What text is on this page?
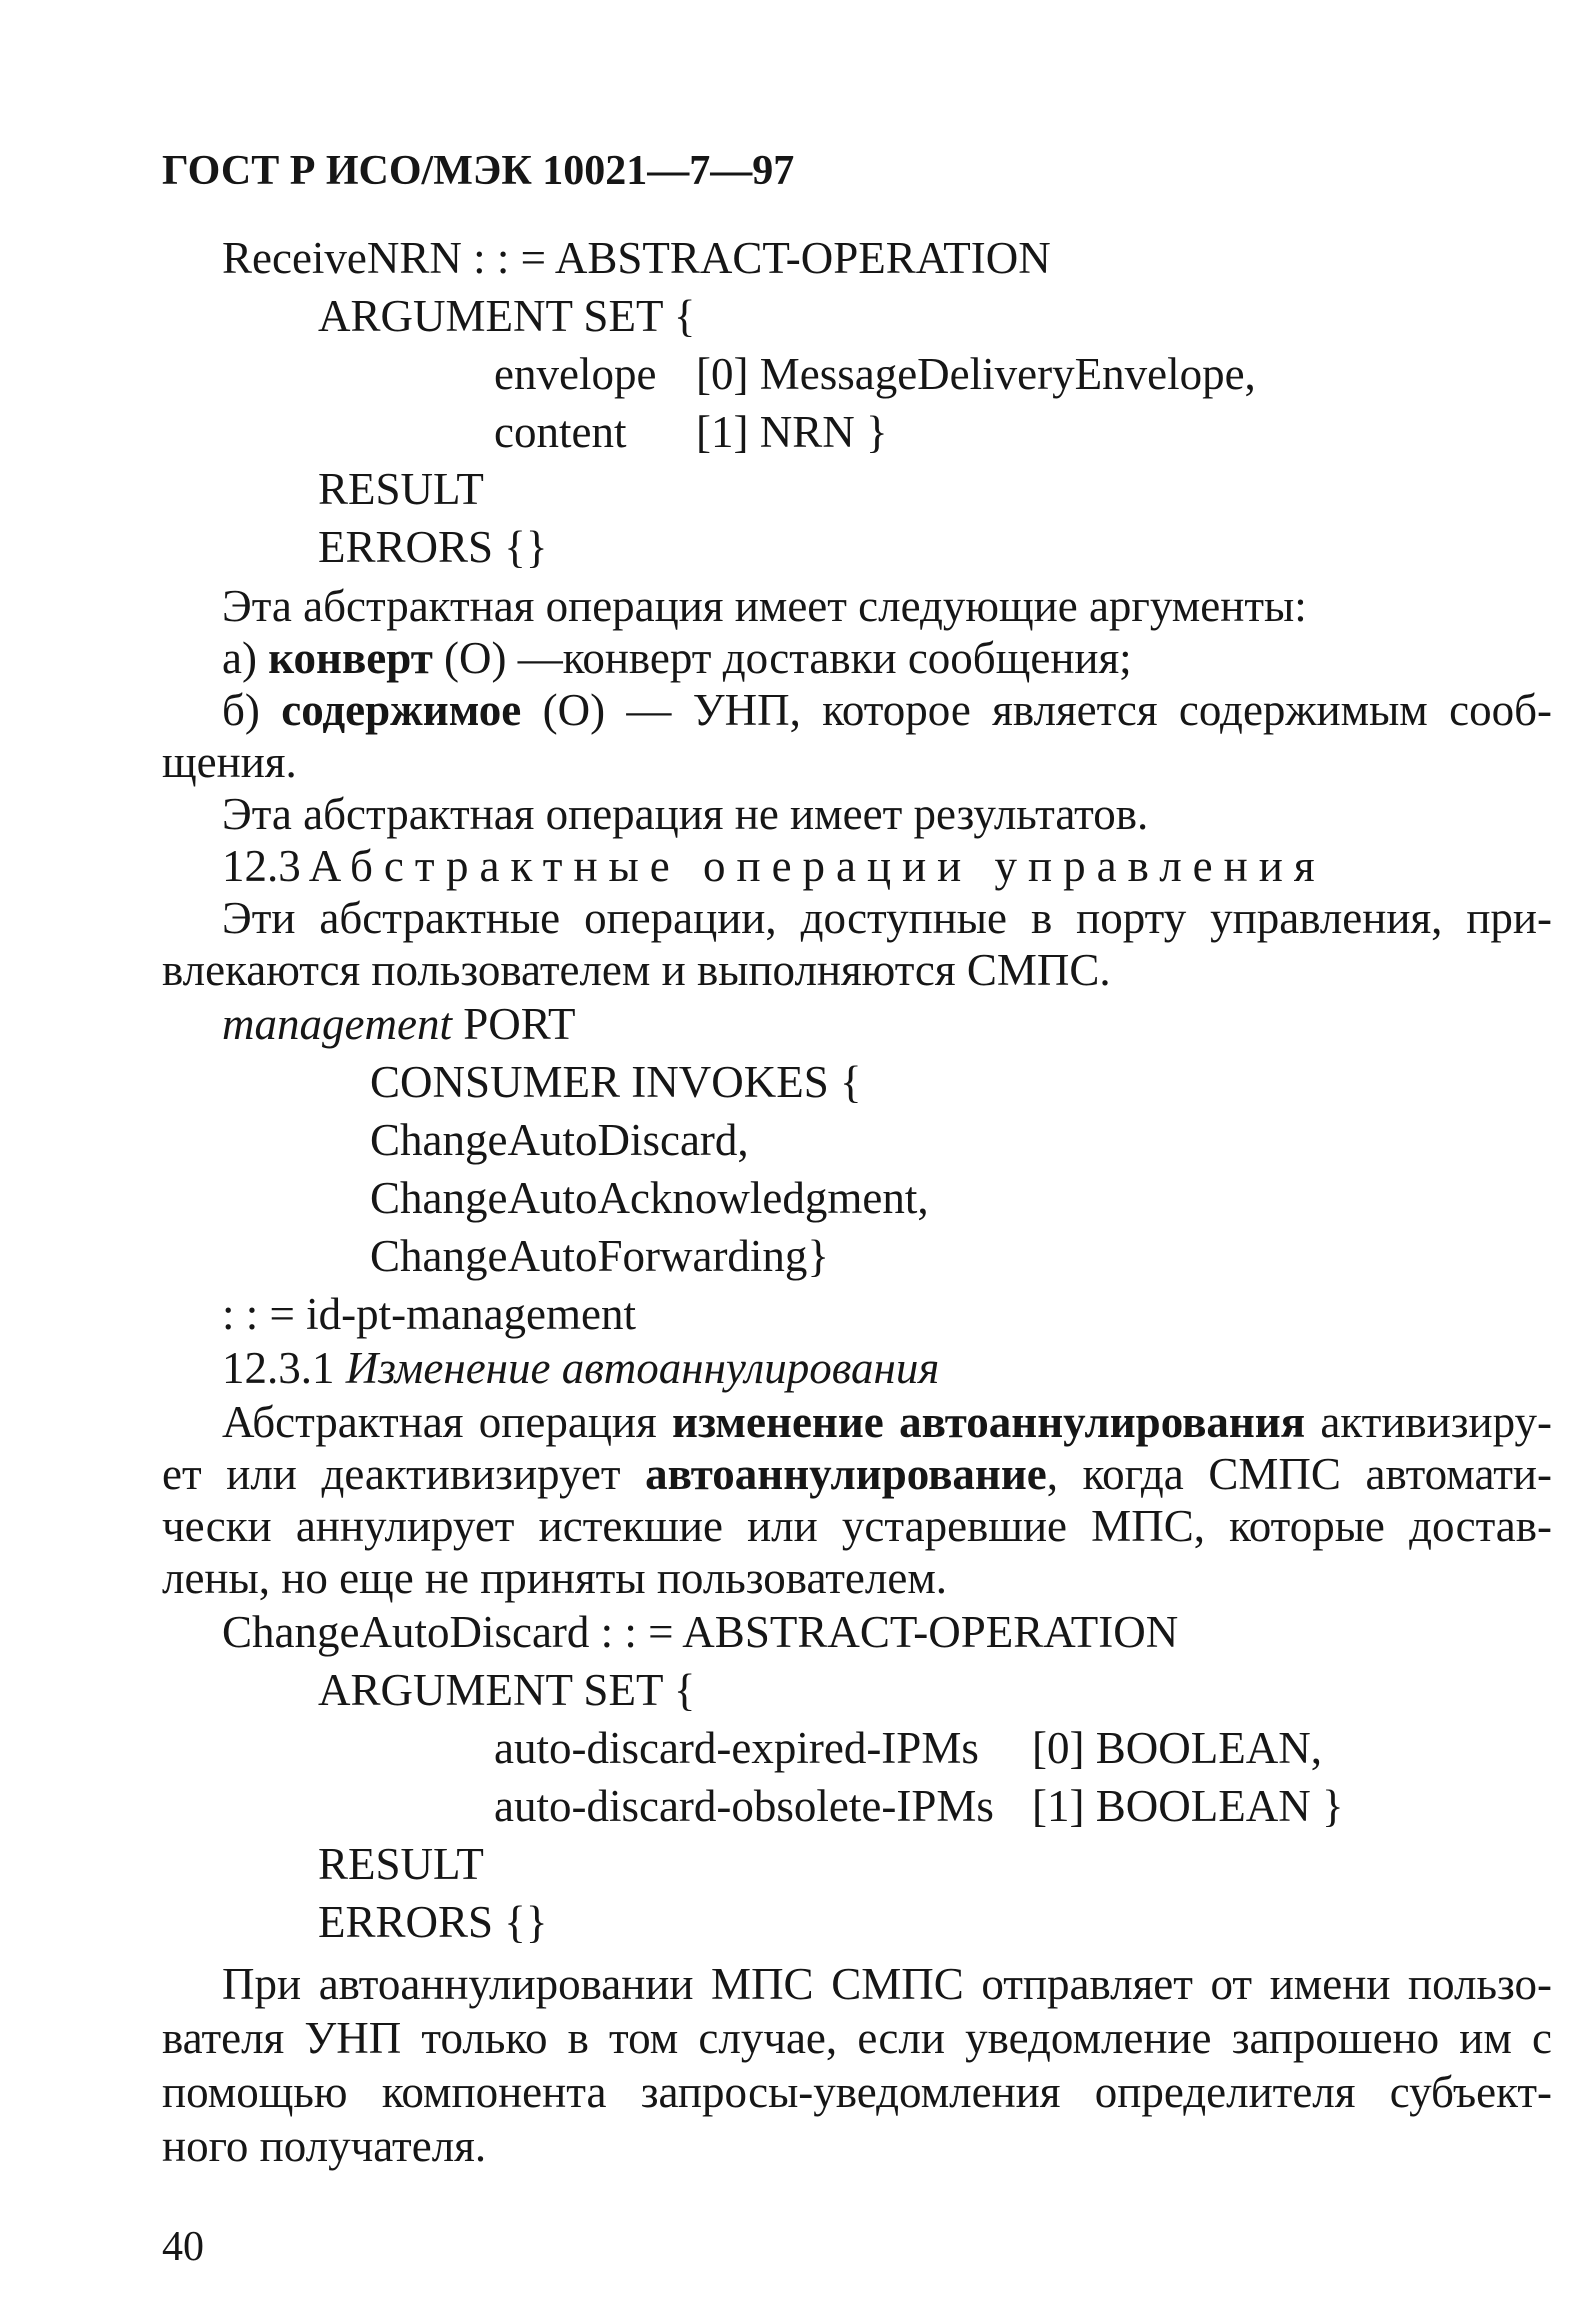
ГОСТ Р ИСО/МЭК 10021—7—97
ReceiveNRN : : = ABSTRACT-OPERATION
ARGUMENT SET {
envelope [0] MessageDeliveryEnvelope,
content [1] NRN }
RESULT
ERRORS {}
Эта абстрактная операция имеет следующие аргументы:
а) конверт (О) —конверт доставки сообщения;
б) содержимое (О) — УНП, которое является содержимым сооб-
щения.
Эта абстрактная операция не имеет результатов.
12.3 Абстрактные операции управления
Эти абстрактные операции, доступные в порту управления, при-
влекаются пользователем и выполняются СМПС.
management PORT
CONSUMER INVOKES {
ChangeAutoDiscard,
ChangeAutoAcknowledgment,
ChangeAutoForwarding}
: : = id-pt-management
12.3.1 Изменение автоаннулирования
Абстрактная операция изменение автоаннулирования активизиру-
ет или деактивизирует автоаннулирование, когда СМПС автомати-
чески аннулирует истекшие или устаревшие МПС, которые достав-
лены, но еще не приняты пользователем.
ChangeAutoDiscard : : = ABSTRACT-OPERATION
ARGUMENT SET {
auto-discard-expired-IPMs [0] BOOLEAN,
auto-discard-obsolete-IPMs [1] BOOLEAN }
RESULT
ERRORS {}
При автоаннулировании МПС СМПС отправляет от имени пользо-
вателя УНП только в том случае, если уведомление запрошено им с
помощью компонента запросы-уведомления определителя субъект-
ного получателя.
40
